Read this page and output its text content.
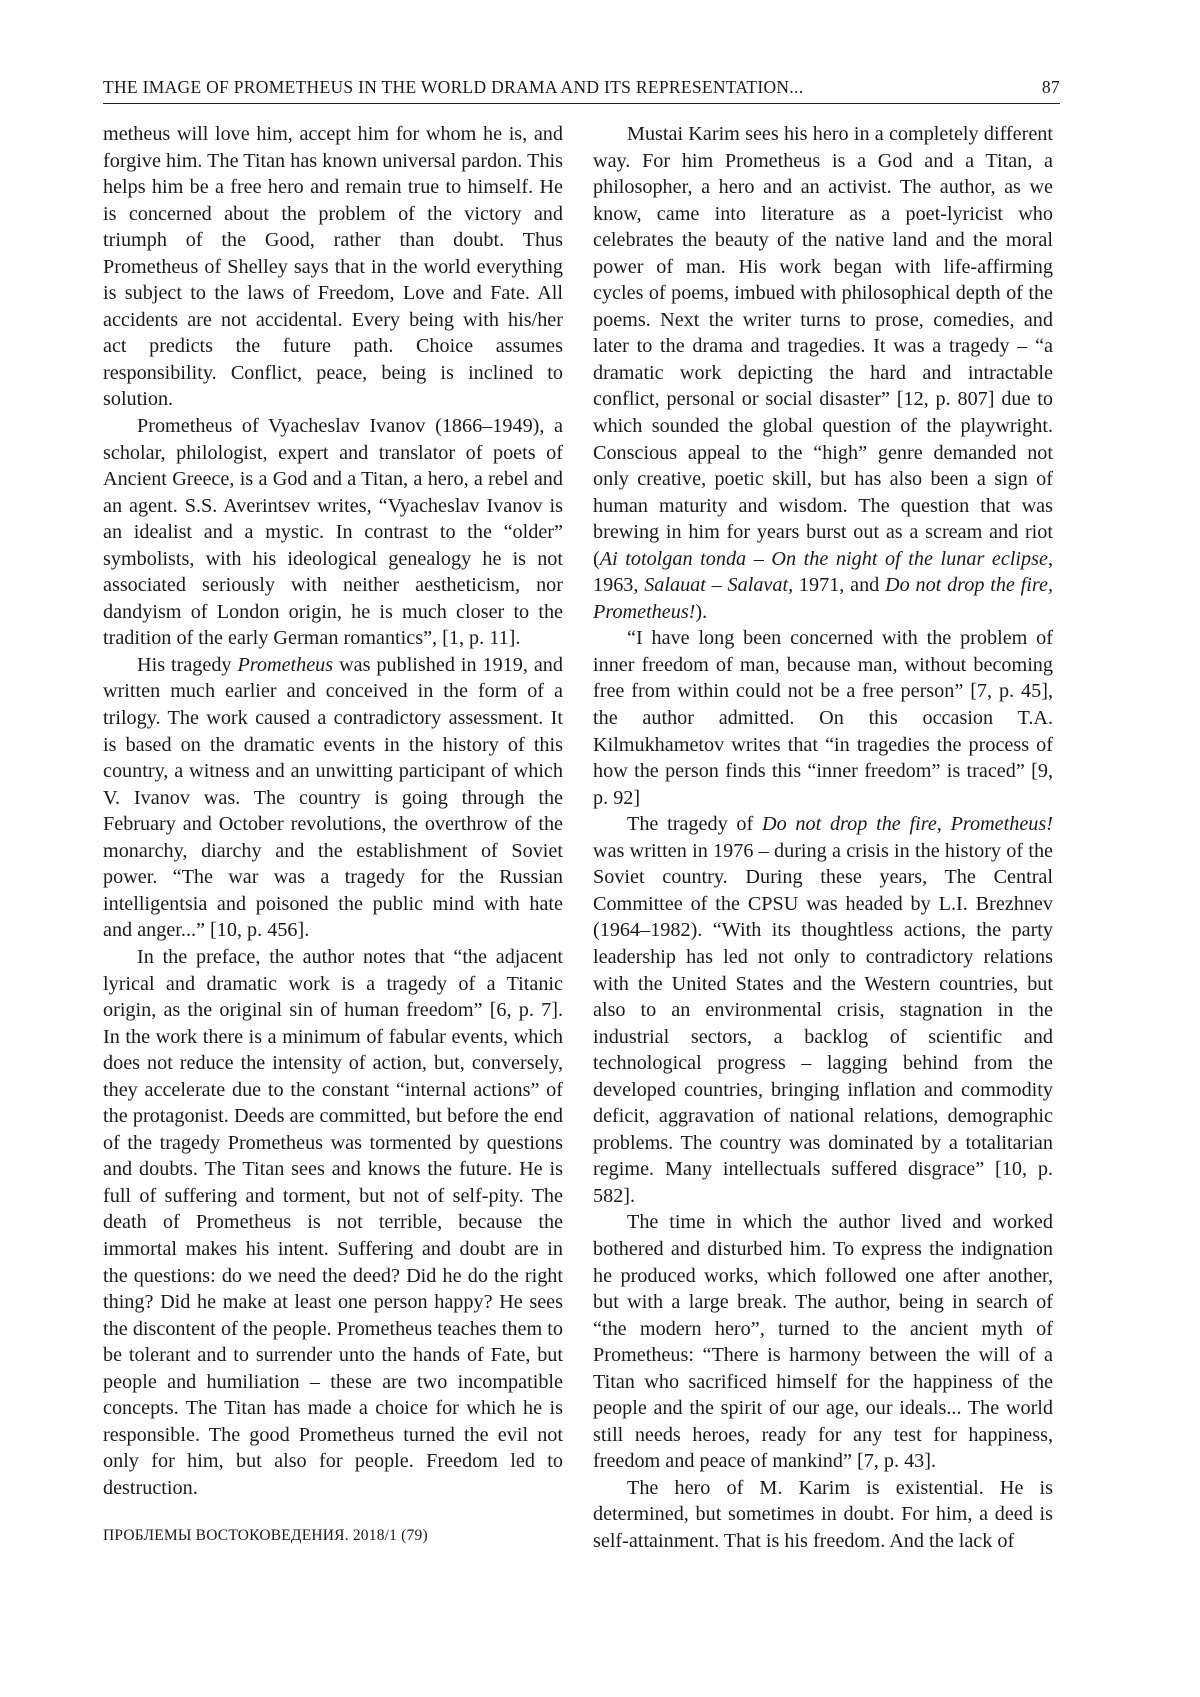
THE IMAGE OF PROMETHEUS IN THE WORLD DRAMA AND ITS REPRESENTATION...	87

metheus will love him, accept him for whom he is, and forgive him. The Titan has known universal pardon. This helps him be a free hero and remain true to himself. He is concerned about the problem of the victory and triumph of the Good, rather than doubt. Thus Prometheus of Shelley says that in the world everything is subject to the laws of Freedom, Love and Fate. All accidents are not accidental. Every being with his/her act predicts the future path. Choice assumes responsibility. Conflict, peace, being is inclined to solution.

Prometheus of Vyacheslav Ivanov (1866–1949), a scholar, philologist, expert and translator of poets of Ancient Greece, is a God and a Titan, a hero, a rebel and an agent. S.S. Averintsev writes, “Vyacheslav Ivanov is an idealist and a mystic. In contrast to the “older” symbolists, with his ideological genealogy he is not associated seriously with neither aestheticism, nor dandyism of London origin, he is much closer to the tradition of the early German romantics”, [1, p. 11].

His tragedy Prometheus was published in 1919, and written much earlier and conceived in the form of a trilogy. The work caused a contradictory assessment. It is based on the dramatic events in the history of this country, a witness and an unwitting participant of which V. Ivanov was. The country is going through the February and October revolutions, the overthrow of the monarchy, diarchy and the establishment of Soviet power. “The war was a tragedy for the Russian intelligentsia and poisoned the public mind with hate and anger...” [10, p. 456].

In the preface, the author notes that “the adjacent lyrical and dramatic work is a tragedy of a Titanic origin, as the original sin of human freedom” [6, p. 7]. In the work there is a minimum of fabular events, which does not reduce the intensity of action, but, conversely, they accelerate due to the constant “internal actions” of the protagonist. Deeds are committed, but before the end of the tragedy Prometheus was tormented by questions and doubts. The Titan sees and knows the future. He is full of suffering and torment, but not of self-pity. The death of Prometheus is not terrible, because the immortal makes his intent. Suffering and doubt are in the questions: do we need the deed? Did he do the right thing? Did he make at least one person happy? He sees the discontent of the people. Prometheus teaches them to be tolerant and to surrender unto the hands of Fate, but people and humiliation – these are two incompatible concepts. The Titan has made a choice for which he is responsible. The good Prometheus turned the evil not only for him, but also for people. Freedom led to destruction.

Mustai Karim sees his hero in a completely different way. For him Prometheus is a God and a Titan, a philosopher, a hero and an activist. The author, as we know, came into literature as a poet-lyricist who celebrates the beauty of the native land and the moral power of man. His work began with life-affirming cycles of poems, imbued with philosophical depth of the poems. Next the writer turns to prose, comedies, and later to the drama and tragedies. It was a tragedy – “a dramatic work depicting the hard and intractable conflict, personal or social disaster” [12, p. 807] due to which sounded the global question of the playwright. Conscious appeal to the “high” genre demanded not only creative, poetic skill, but has also been a sign of human maturity and wisdom. The question that was brewing in him for years burst out as a scream and riot (Ai totolgan tonda – On the night of the lunar eclipse, 1963, Salauat – Salavat, 1971, and Do not drop the fire, Prometheus!).

“I have long been concerned with the problem of inner freedom of man, because man, without becoming free from within could not be a free person” [7, p. 45], the author admitted. On this occasion T.A. Kilmukhametov writes that “in tragedies the process of how the person finds this “inner freedom” is traced” [9, p. 92]

The tragedy of Do not drop the fire, Prometheus! was written in 1976 – during a crisis in the history of the Soviet country. During these years, The Central Committee of the CPSU was headed by L.I. Brezhnev (1964–1982). “With its thoughtless actions, the party leadership has led not only to contradictory relations with the United States and the Western countries, but also to an environmental crisis, stagnation in the industrial sectors, a backlog of scientific and technological progress – lagging behind from the developed countries, bringing inflation and commodity deficit, aggravation of national relations, demographic problems. The country was dominated by a totalitarian regime. Many intellectuals suffered disgrace” [10, p. 582].

The time in which the author lived and worked bothered and disturbed him. To express the indignation he produced works, which followed one after another, but with a large break. The author, being in search of “the modern hero”, turned to the ancient myth of Prometheus: “There is harmony between the will of a Titan who sacrificed himself for the happiness of the people and the spirit of our age, our ideals... The world still needs heroes, ready for any test for happiness, freedom and peace of mankind” [7, p. 43].

The hero of M. Karim is existential. He is determined, but sometimes in doubt. For him, a deed is self-attainment. That is his freedom. And the lack of

ПРОБЛЕМЫ ВОСТОКОВЕДЕНИЯ. 2018/1 (79)
